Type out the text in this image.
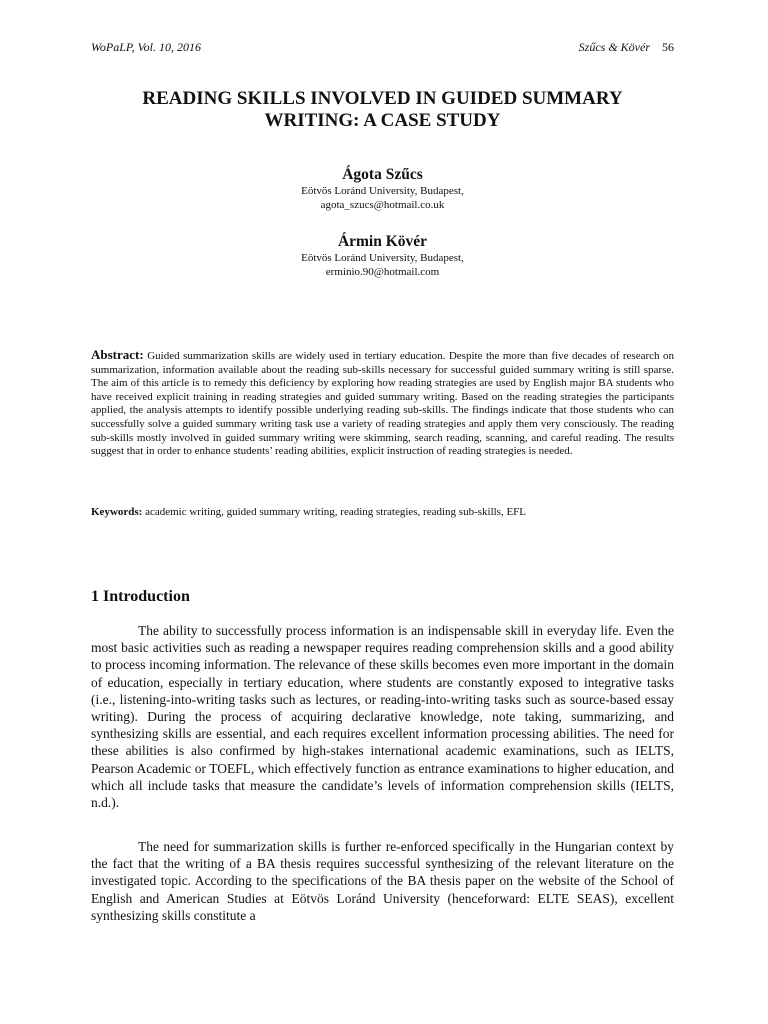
WoPaLP, Vol. 10, 2016	Szűcs & Kövér 56
READING SKILLS INVOLVED IN GUIDED SUMMARY
WRITING: A CASE STUDY
Ágota Szűcs
Eötvös Loránd University, Budapest,
agota_szucs@hotmail.co.uk
Ármin Kövér
Eötvös Loránd University, Budapest,
erminio.90@hotmail.com
Abstract: Guided summarization skills are widely used in tertiary education. Despite the more than five decades of research on summarization, information available about the reading sub-skills necessary for successful guided summary writing is still sparse. The aim of this article is to remedy this deficiency by exploring how reading strategies are used by English major BA students who have received explicit training in reading strategies and guided summary writing. Based on the reading strategies the participants applied, the analysis attempts to identify possible underlying reading sub-skills. The findings indicate that those students who can successfully solve a guided summary writing task use a variety of reading strategies and apply them very consciously. The reading sub-skills mostly involved in guided summary writing were skimming, search reading, scanning, and careful reading. The results suggest that in order to enhance students’ reading abilities, explicit instruction of reading strategies is needed.
Keywords: academic writing, guided summary writing, reading strategies, reading sub-skills, EFL
1 Introduction

The ability to successfully process information is an indispensable skill in everyday life. Even the most basic activities such as reading a newspaper requires reading comprehension skills and a good ability to process incoming information. The relevance of these skills becomes even more important in the domain of education, especially in tertiary education, where students are constantly exposed to integrative tasks (i.e., listening-into-writing tasks such as lectures, or reading-into-writing tasks such as source-based essay writing). During the process of acquiring declarative knowledge, note taking, summarizing, and synthesizing skills are essential, and each requires excellent information processing abilities. The need for these abilities is also confirmed by high-stakes international academic examinations, such as IELTS, Pearson Academic or TOEFL, which effectively function as entrance examinations to higher education, and which all include tasks that measure the candidate’s levels of information comprehension skills (IELTS, n.d.).

The need for summarization skills is further re-enforced specifically in the Hungarian context by the fact that the writing of a BA thesis requires successful synthesizing of the relevant literature on the investigated topic. According to the specifications of the BA thesis paper on the website of the School of English and American Studies at Eötvös Loránd University (henceforward: ELTE SEAS), excellent synthesizing skills constitute a
